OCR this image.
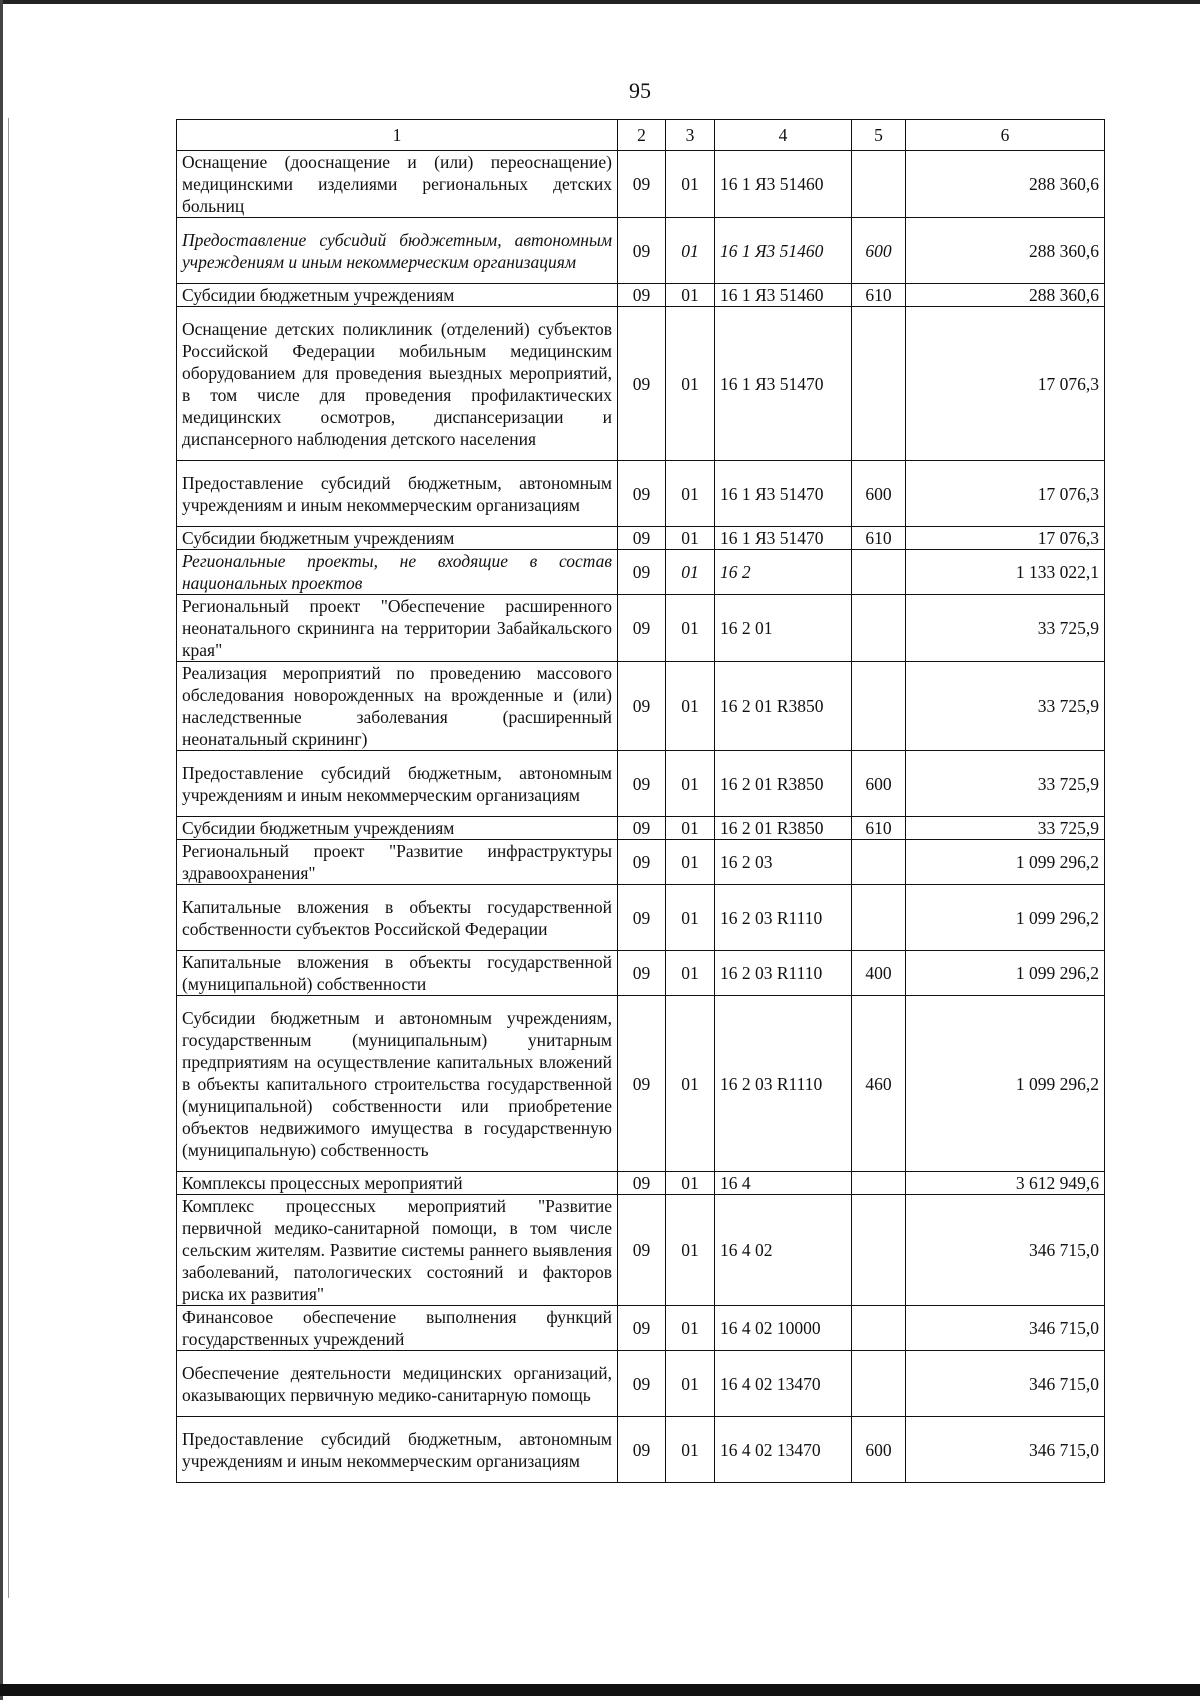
95
1	2	3	4	5	6
Оснащение (дооснащение и (или) переоснащение) медицинскими изделиями региональных детских больниц	09	01	16 1 Я3 51460		288 360,6
Предоставление субсидий бюджетным, автономным учреждениям и иным некоммерческим организациям	09	01	16 1 Я3 51460	600	288 360,6
Субсидии бюджетным учреждениям	09	01	16 1 Я3 51460	610	288 360,6
Оснащение детских поликлиник (отделений) субъектов Российской Федерации мобильным медицинским оборудованием для проведения выездных мероприятий, в том числе для проведения профилактических медицинских осмотров, диспансеризации и диспансерного наблюдения детского населения	09	01	16 1 Я3 51470		17 076,3
Предоставление субсидий бюджетным, автономным учреждениям и иным некоммерческим организациям	09	01	16 1 Я3 51470	600	17 076,3
Субсидии бюджетным учреждениям	09	01	16 1 Я3 51470	610	17 076,3
Региональные проекты, не входящие в состав национальных проектов	09	01	16 2		1 133 022,1
Региональный проект "Обеспечение расширенного неонатального скрининга на территории Забайкальского края"	09	01	16 2 01		33 725,9
Реализация мероприятий по проведению массового обследования новорожденных на врожденные и (или) наследственные заболевания (расширенный неонатальный скрининг)	09	01	16 2 01 R3850		33 725,9
Предоставление субсидий бюджетным, автономным учреждениям и иным некоммерческим организациям	09	01	16 2 01 R3850	600	33 725,9
Субсидии бюджетным учреждениям	09	01	16 2 01 R3850	610	33 725,9
Региональный проект "Развитие инфраструктуры здравоохранения"	09	01	16 2 03		1 099 296,2
Капитальные вложения в объекты государственной собственности субъектов Российской Федерации	09	01	16 2 03 R1110		1 099 296,2
Капитальные вложения в объекты государственной (муниципальной) собственности	09	01	16 2 03 R1110	400	1 099 296,2
Субсидии бюджетным и автономным учреждениям, государственным (муниципальным) унитарным предприятиям на осуществление капитальных вложений в объекты капитального строительства государственной (муниципальной) собственности или приобретение объектов недвижимого имущества в государственную (муниципальную) собственность	09	01	16 2 03 R1110	460	1 099 296,2
Комплексы процессных мероприятий	09	01	16 4		3 612 949,6
Комплекс процессных мероприятий "Развитие первичной медико-санитарной помощи, в том числе сельским жителям. Развитие системы раннего выявления заболеваний, патологических состояний и факторов риска их развития"	09	01	16 4 02		346 715,0
Финансовое обеспечение выполнения функций государственных учреждений	09	01	16 4 02 10000		346 715,0
Обеспечение деятельности медицинских организаций, оказывающих первичную медико-санитарную помощь	09	01	16 4 02 13470		346 715,0
Предоставление субсидий бюджетным, автономным учреждениям и иным некоммерческим организациям	09	01	16 4 02 13470	600	346 715,0
